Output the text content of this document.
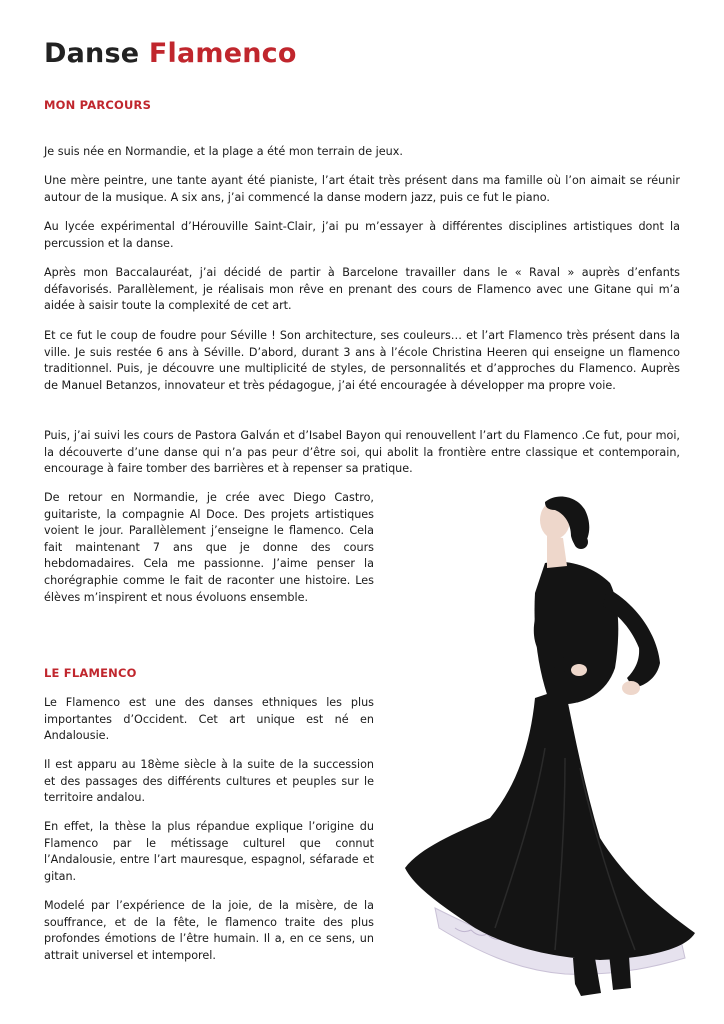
Danse Flamenco
MON PARCOURS

Je suis née en Normandie, et la plage a été mon terrain de jeux.

Une mère peintre, une tante ayant été pianiste, l’art était très présent dans ma famille où l’on aimait se réunir autour de la musique. A six ans, j’ai commencé la danse modern jazz, puis ce fut le piano.

Au lycée expérimental d’Hérouville Saint-Clair, j’ai pu m’essayer à différentes disciplines artistiques dont la percussion et la danse.

Après mon Baccalauréat, j’ai décidé de partir à Barcelone travailler dans le « Raval » auprès d’enfants défavorisés. Parallèlement, je réalisais mon rêve en prenant des cours de Flamenco avec une Gitane qui m’a aidée à saisir toute la complexité de cet art.

Et ce fut le coup de foudre pour Séville ! Son architecture, ses couleurs… et l’art Flamenco très présent dans la ville. Je suis restée 6 ans à Séville. D’abord, durant 3 ans à l’école Christina Heeren qui enseigne un flamenco traditionnel. Puis, je découvre une multiplicité de styles, de personnalités et d’approches du Flamenco. Auprès de Manuel Betanzos, innovateur et très pédagogue, j’ai été encouragée à développer ma propre voie.

Puis, j’ai suivi les cours de Pastora Galván et d’Isabel Bayon qui renouvellent l’art du Flamenco .Ce fut, pour moi, la découverte d’une danse qui n’a pas peur d’être soi, qui abolit la frontière entre classique et contemporain, encourage à faire tomber des barrières et à repenser sa pratique.

De retour en Normandie, je crée avec Diego Castro, guitariste, la compagnie Al Doce. Des projets artistiques voient le jour. Parallèlement j’enseigne le flamenco. Cela fait maintenant 7 ans que je donne des cours hebdomadaires. Cela me passionne. J’aime penser la chorégraphie comme le fait de raconter une histoire. Les élèves m’inspirent et nous évoluons ensemble.

LE FLAMENCO

Le Flamenco est une des danses ethniques les plus importantes d’Occident. Cet art unique est né en Andalousie.

Il est apparu au 18ème siècle à la suite de la succession et des passages des différents cultures et peuples sur le territoire andalou.

En effet, la thèse la plus répandue explique l’origine du Flamenco par le métissage culturel que connut l’Andalousie, entre l’art mauresque, espagnol, séfarade et gitan.

Modelé par l’expérience de la joie, de la misère, de la souffrance, et de la fête, le flamenco traite des plus profondes émotions de l’être humain. Il a, en ce sens, un attrait universel et intemporel.
